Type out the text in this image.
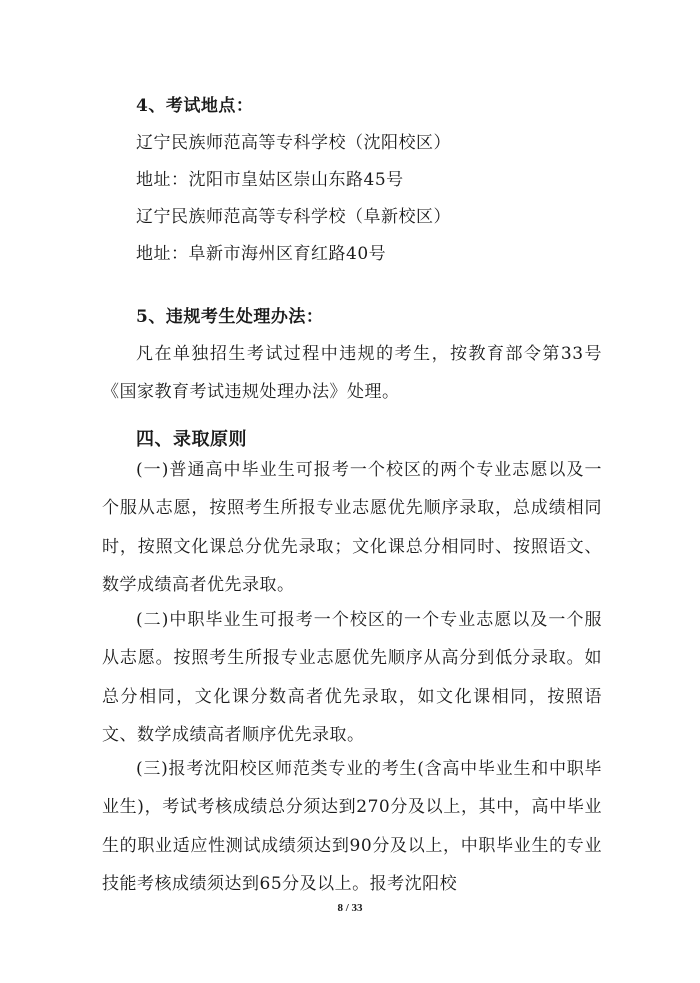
4、考试地点：
辽宁民族师范高等专科学校（沈阳校区）
地址：沈阳市皇姑区崇山东路45号
辽宁民族师范高等专科学校（阜新校区）
地址：阜新市海州区育红路40号
5、违规考生处理办法：
凡在单独招生考试过程中违规的考生，按教育部令第33号《国家教育考试违规处理办法》处理。
四、录取原则
(一)普通高中毕业生可报考一个校区的两个专业志愿以及一个服从志愿，按照考生所报专业志愿优先顺序录取，总成绩相同时，按照文化课总分优先录取；文化课总分相同时、按照语文、数学成绩高者优先录取。
(二)中职毕业生可报考一个校区的一个专业志愿以及一个服从志愿。按照考生所报专业志愿优先顺序从高分到低分录取。如总分相同，文化课分数高者优先录取，如文化课相同，按照语文、数学成绩高者顺序优先录取。
(三)报考沈阳校区师范类专业的考生(含高中毕业生和中职毕业生)，考试考核成绩总分须达到270分及以上，其中，高中毕业生的职业适应性测试成绩须达到90分及以上，中职毕业生的专业技能考核成绩须达到65分及以上。报考沈阳校
8 / 33
